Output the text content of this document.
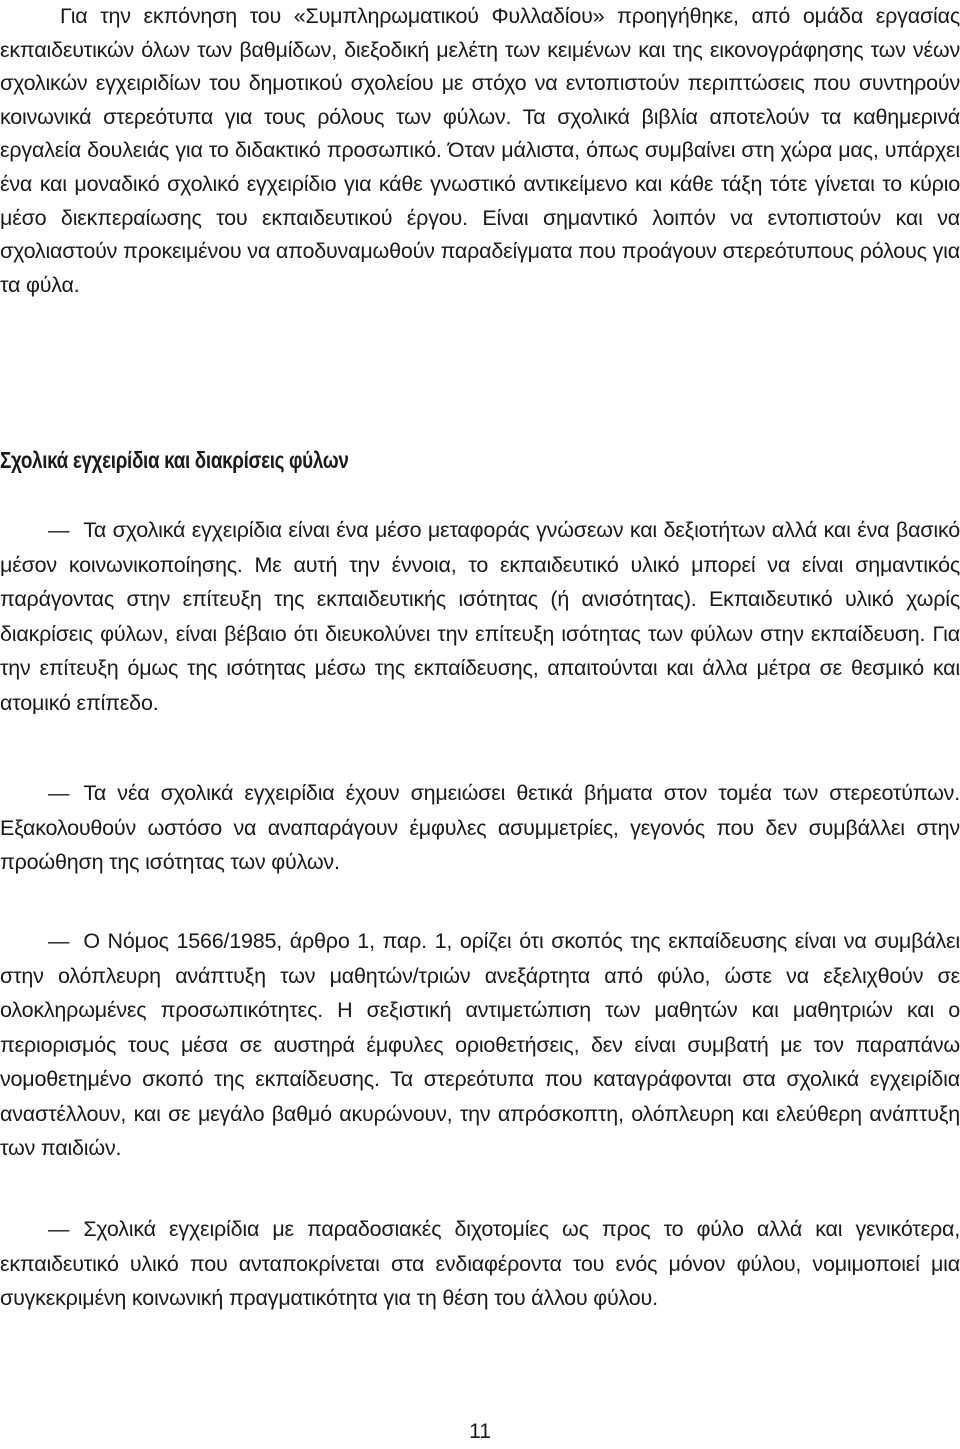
Για την εκπόνηση του «Συμπληρωματικού Φυλλαδίου» προηγήθηκε, από ομάδα εργασίας εκπαιδευτικών όλων των βαθμίδων, διεξοδική μελέτη των κειμένων και της εικονογράφησης των νέων σχολικών εγχειριδίων του δημοτικού σχολείου με στόχο να εντοπιστούν περιπτώσεις που συντηρούν κοινωνικά στερεότυπα για τους ρόλους των φύλων. Τα σχολικά βιβλία αποτελούν τα καθημερινά εργαλεία δουλειάς για το διδακτικό προσωπικό. Όταν μάλιστα, όπως συμβαίνει στη χώρα μας, υπάρχει ένα και μοναδικό σχολικό εγχειρίδιο για κάθε γνωστικό αντικείμενο και κάθε τάξη τότε γίνεται το κύριο μέσο διεκπεραίωσης του εκπαιδευτικού έργου. Είναι σημαντικό λοιπόν να εντοπιστούν και να σχολιαστούν προκειμένου να αποδυναμωθούν παραδείγματα που προάγουν στερεότυπους ρόλους για τα φύλα.

Σχολικά εγχειρίδια και διακρίσεις φύλων

— Τα σχολικά εγχειρίδια είναι ένα μέσο μεταφοράς γνώσεων και δεξιοτήτων αλλά και ένα βασικό μέσον κοινωνικοποίησης. Με αυτή την έννοια, το εκπαιδευτικό υλικό μπορεί να είναι σημαντικός παράγοντας στην επίτευξη της εκπαιδευτικής ισότητας (ή ανισότητας). Εκπαιδευτικό υλικό χωρίς διακρίσεις φύλων, είναι βέβαιο ότι διευκολύνει την επίτευξη ισότητας των φύλων στην εκπαίδευση. Για την επίτευξη όμως της ισότητας μέσω της εκπαίδευσης, απαιτούνται και άλλα μέτρα σε θεσμικό και ατομικό επίπεδο.

— Τα νέα σχολικά εγχειρίδια έχουν σημειώσει θετικά βήματα στον τομέα των στερεοτύπων. Εξακολουθούν ωστόσο να αναπαράγουν έμφυλες ασυμμετρίες, γεγονός που δεν συμβάλλει στην προώθηση της ισότητας των φύλων.

— Ο Νόμος 1566/1985, άρθρο 1, παρ. 1, ορίζει ότι σκοπός της εκπαίδευσης είναι να συμβάλει στην ολόπλευρη ανάπτυξη των μαθητών/τριών ανεξάρτητα από φύλο, ώστε να εξελιχθούν σε ολοκληρωμένες προσωπικότητες. Η σεξιστική αντιμετώπιση των μαθητών και μαθητριών και ο περιορισμός τους μέσα σε αυστηρά έμφυλες οριοθετήσεις, δεν είναι συμβατή με τον παραπάνω νομοθετημένο σκοπό της εκπαίδευσης. Τα στερεότυπα που καταγράφονται στα σχολικά εγχειρίδια αναστέλλουν, και σε μεγάλο βαθμό ακυρώνουν, την απρόσκοπτη, ολόπλευρη και ελεύθερη ανάπτυξη των παιδιών.

— Σχολικά εγχειρίδια με παραδοσιακές διχοτομίες ως προς το φύλο αλλά και γενικότερα, εκπαιδευτικό υλικό που ανταποκρίνεται στα ενδιαφέροντα του ενός μόνον φύλου, νομιμοποιεί μια συγκεκριμένη κοινωνική πραγματικότητα για τη θέση του άλλου φύλου.

11
